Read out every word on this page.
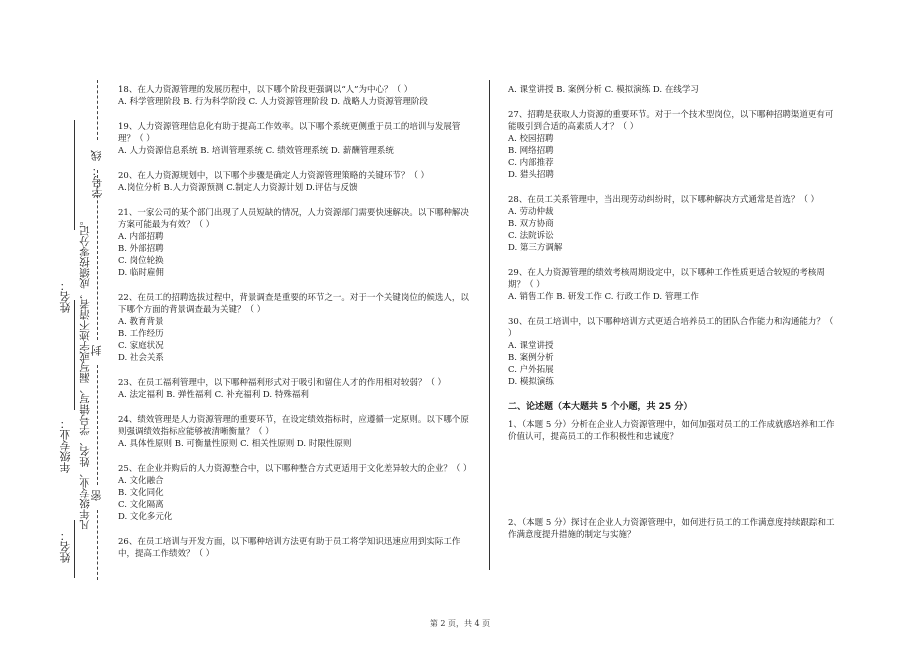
姓名：
年级专业：
姓名：
学号：
凡年级专业、姓名、学号错写、漏写或字迹不清者，成绩按零分记。
线
封
密
18、在人力资源管理的发展历程中，以下哪个阶段更强调以“人”为中心？（ ）
A. 科学管理阶段 B. 行为科学阶段 C. 人力资源管理阶段 D. 战略人力资源管理阶段
19、人力资源管理信息化有助于提高工作效率。以下哪个系统更侧重于员工的培训与发展管理？（ ）
A. 人力资源信息系统 B. 培训管理系统 C. 绩效管理系统 D. 薪酬管理系统
20、在人力资源规划中，以下哪个步骤是确定人力资源管理策略的关键环节？（ ）
A.岗位分析 B.人力资源预测 C.制定人力资源计划 D.评估与反馈
21、一家公司的某个部门出现了人员短缺的情况，人力资源部门需要快速解决。以下哪种解决方案可能最为有效？（ ）
A. 内部招聘
B. 外部招聘
C. 岗位轮换
D. 临时雇佣
22、在员工的招聘选拔过程中，背景调查是重要的环节之一。对于一个关键岗位的候选人，以下哪个方面的背景调查最为关键？（ ）
A. 教育背景
B. 工作经历
C. 家庭状况
D. 社会关系
23、在员工福利管理中，以下哪种福利形式对于吸引和留住人才的作用相对较弱？（ ）
A. 法定福利 B. 弹性福利 C. 补充福利 D. 特殊福利
24、绩效管理是人力资源管理的重要环节，在设定绩效指标时，应遵循一定原则。以下哪个原则强调绩效指标应能够被清晰衡量？（ ）
A. 具体性原则 B. 可衡量性原则 C. 相关性原则 D. 时限性原则
25、在企业并购后的人力资源整合中，以下哪种整合方式更适用于文化差异较大的企业？（ ）
A. 文化融合
B. 文化同化
C. 文化隔离
D. 文化多元化
26、在员工培训与开发方面，以下哪种培训方法更有助于员工将学知识迅速应用到实际工作中，提高工作绩效？（ ）
A. 课堂讲授 B. 案例分析 C. 模拟演练 D. 在线学习
27、招聘是获取人力资源的重要环节。对于一个技术型岗位，以下哪种招聘渠道更有可能吸引到合适的高素质人才？（ ）
A. 校园招聘
B. 网络招聘
C. 内部推荐
D. 猎头招聘
28、在员工关系管理中，当出现劳动纠纷时，以下哪种解决方式通常是首选？（ ）
A. 劳动仲裁
B. 双方协商
C. 法院诉讼
D. 第三方调解
29、在人力资源管理的绩效考核周期设定中，以下哪种工作性质更适合较短的考核周期？（ ）
A. 销售工作 B. 研发工作 C. 行政工作 D. 管理工作
30、在员工培训中，以下哪种培训方式更适合培养员工的团队合作能力和沟通能力？（ ）
A. 课堂讲授
B. 案例分析
C. 户外拓展
D. 模拟演练
二、论述题（本大题共 5 个小题，共 25 分）
1、（本题 5 分）分析在企业人力资源管理中，如何加强对员工的工作成就感培养和工作价值认可，提高员工的工作积极性和忠诚度？
2、（本题 5 分）探讨在企业人力资源管理中，如何进行员工的工作满意度持续跟踪和工作满意度提升措施的制定与实施？
第 2 页，共 4 页
